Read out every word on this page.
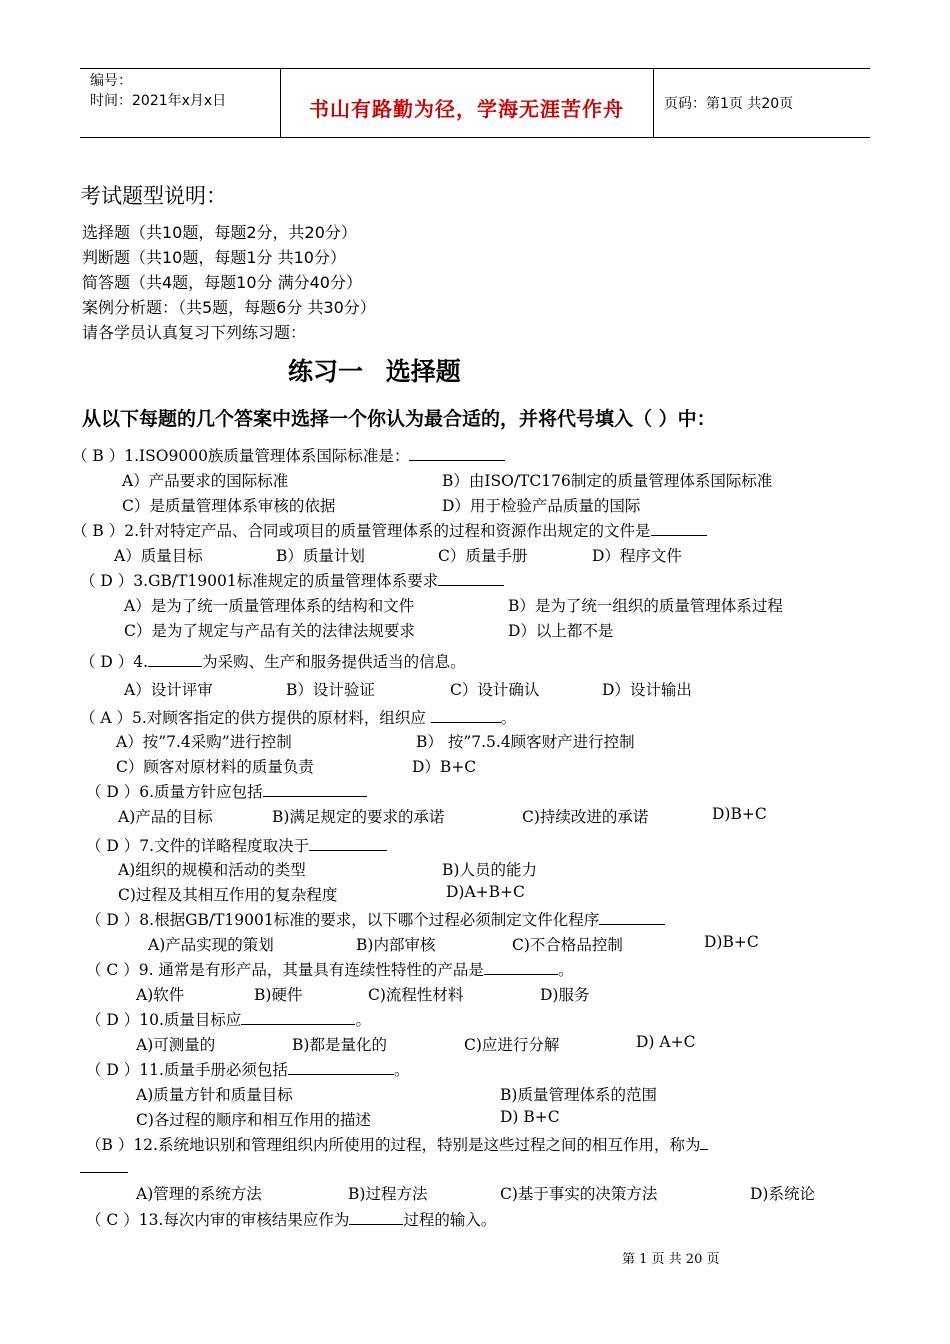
编号：
时间：2021年x月x日	书山有路勤为径，学海无涯苦作舟	页码：第1页 共20页
考试题型说明：
选择题（共10题，每题2分，共20分）
判断题（共10题，每题1分 共10分）
简答题（共4题，每题10分 满分40分）
案例分析题：（共5题，每题6分 共30分）
请各学员认真复习下列练习题：
练习一 选择题
从以下每题的几个答案中选择一个你认为最合适的，并将代号填入（ ）中：
（ B ）1.ISO9000族质量管理体系国际标准是：
A）产品要求的国际标准	B）由ISO/TC176制定的质量管理体系国际标准
C）是质量管理体系审核的依据	D）用于检验产品质量的国际
（ B ）2.针对特定产品、合同或项目的质量管理体系的过程和资源作出规定的文件是
A）质量目标	B）质量计划	C）质量手册	D）程序文件
（ D ）3.GB/T19001标准规定的质量管理体系要求
A）是为了统一质量管理体系的结构和文件	B）是为了统一组织的质量管理体系过程
C）是为了规定与产品有关的法律法规要求	D）以上都不是
（ D ）4.	为采购、生产和服务提供适当的信息。
A）设计评审	B）设计验证	C）设计确认	D）设计输出
（ A ）5.对顾客指定的供方提供的原材料，组织应	。
A）按”7.4采购”进行控制	B） 按”7.5.4顾客财产进行控制
C）顾客对原材料的质量负责	D）B+C
（ D ）6.质量方针应包括
A)产品的目标	B)满足规定的要求的承诺	C)持续改进的承诺	D)B+C
（ D ）7.文件的详略程度取决于
A)组织的规模和活动的类型	B)人员的能力
C)过程及其相互作用的复杂程度	D)A+B+C
（ D ）8.根据GB/T19001标准的要求，以下哪个过程必须制定文件化程序
A)产品实现的策划	B)内部审核	C)不合格品控制	D)B+C
（ C ）9. 通常是有形产品，其量具有连续性特性的产品是	。
A)软件	B)硬件	C)流程性材料	D)服务
（ D ）10.质量目标应	。
A)可测量的	B)都是量化的	C)应进行分解	D) A+C
（ D ）11.质量手册必须包括	。
A)质量方针和质量目标	B)质量管理体系的范围
C)各过程的顺序和相互作用的描述	D) B+C
（B ）12.系统地识别和管理组织内所使用的过程，特别是这些过程之间的相互作用，称为
A)管理的系统方法	B)过程方法	C)基于事实的决策方法	D)系统论
（ C ）13.每次内审的审核结果应作为	过程的输入。
第 1 页 共 20 页
